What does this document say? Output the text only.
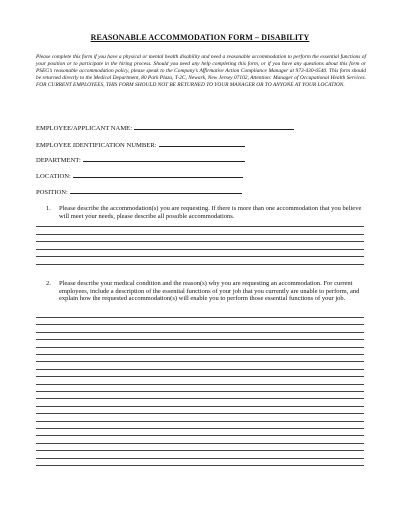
REASONABLE ACCOMMODATION FORM – DISABILITY
Please complete this form if you have a physical or mental health disability and need a reasonable accommodation to perform the essential functions of your position or to participate in the hiring process. Should you need any help completing this form, or if you have any questions about this form or PSEG’s reasonable accommodation policy, please speak to the Company’s Affirmative Action Compliance Manager at 973-430-6540. This form should be returned directly to the Medical Department, 80 Park Plaza, T-2C, Newark, New Jersey 07102, Attention: Manager of Occupational Health Services. FOR CURRENT EMPLOYEES, THIS FORM SHOULD NOT BE RETURNED TO YOUR MANAGER OR TO ANYONE AT YOUR LOCATION.
EMPLOYEE/APPLICANT NAME:
EMPLOYEE IDENTIFICATION NUMBER:
DEPARTMENT:
LOCATION:
POSITION:
1. Please describe the accommodation(s) you are requesting. If there is more than one accommodation that you believe will meet your needs, please describe all possible accommodations.
2. Please describe your medical condition and the reason(s) why you are requesting an accommodation. For current employees, include a description of the essential functions of your job that you currently are unable to perform, and explain how the requested accommodation(s) will enable you to perform those essential functions of your job.
